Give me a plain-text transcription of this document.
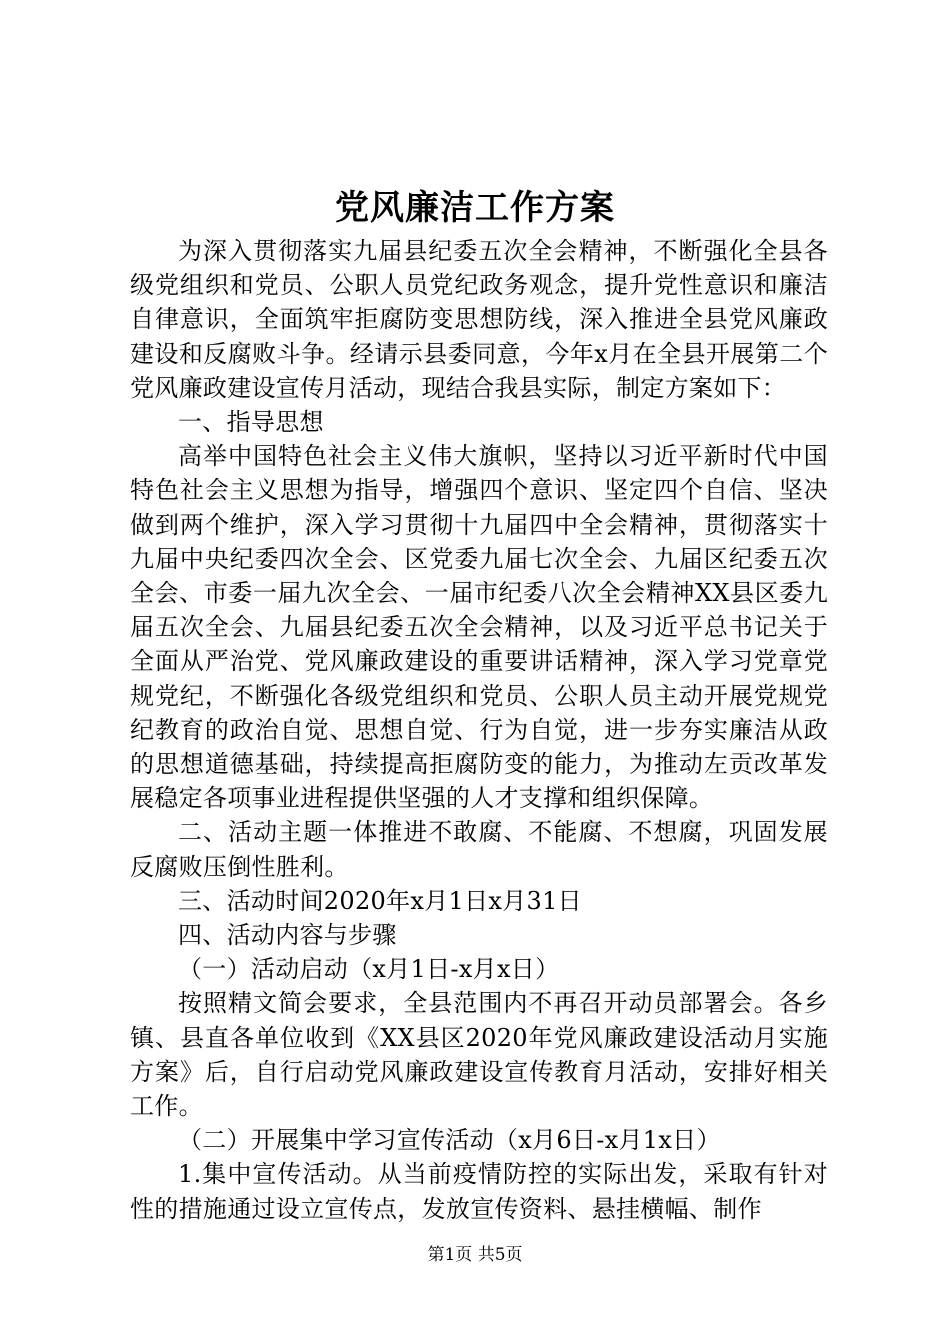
党风廉洁工作方案

为深入贯彻落实九届县纪委五次全会精神，不断强化全县各级党组织和党员、公职人员党纪政务观念，提升党性意识和廉洁自律意识，全面筑牢拒腐防变思想防线，深入推进全县党风廉政建设和反腐败斗争。经请示县委同意，今年x月在全县开展第二个党风廉政建设宣传月活动，现结合我县实际，制定方案如下：

一、指导思想

高举中国特色社会主义伟大旗帜，坚持以习近平新时代中国特色社会主义思想为指导，增强四个意识、坚定四个自信、坚决做到两个维护，深入学习贯彻十九届四中全会精神，贯彻落实十九届中央纪委四次全会、区党委九届七次全会、九届区纪委五次全会、市委一届九次全会、一届市纪委八次全会精神XX县区委九届五次全会、九届县纪委五次全会精神，以及习近平总书记关于全面从严治党、党风廉政建设的重要讲话精神，深入学习党章党规党纪，不断强化各级党组织和党员、公职人员主动开展党规党纪教育的政治自觉、思想自觉、行为自觉，进一步夯实廉洁从政的思想道德基础，持续提高拒腐防变的能力，为推动左贡改革发展稳定各项事业进程提供坚强的人才支撑和组织保障。

二、活动主题一体推进不敢腐、不能腐、不想腐，巩固发展反腐败压倒性胜利。

三、活动时间2020年x月1日x月31日

四、活动内容与步骤

（一）活动启动（x月1日-x月x日）

按照精文简会要求，全县范围内不再召开动员部署会。各乡镇、县直各单位收到《XX县区2020年党风廉政建设活动月实施方案》后，自行启动党风廉政建设宣传教育月活动，安排好相关工作。

（二）开展集中学习宣传活动（x月6日-x月1x日）

1.集中宣传活动。从当前疫情防控的实际出发，采取有针对性的措施通过设立宣传点，发放宣传资料、悬挂横幅、制作

第1页 共5页
